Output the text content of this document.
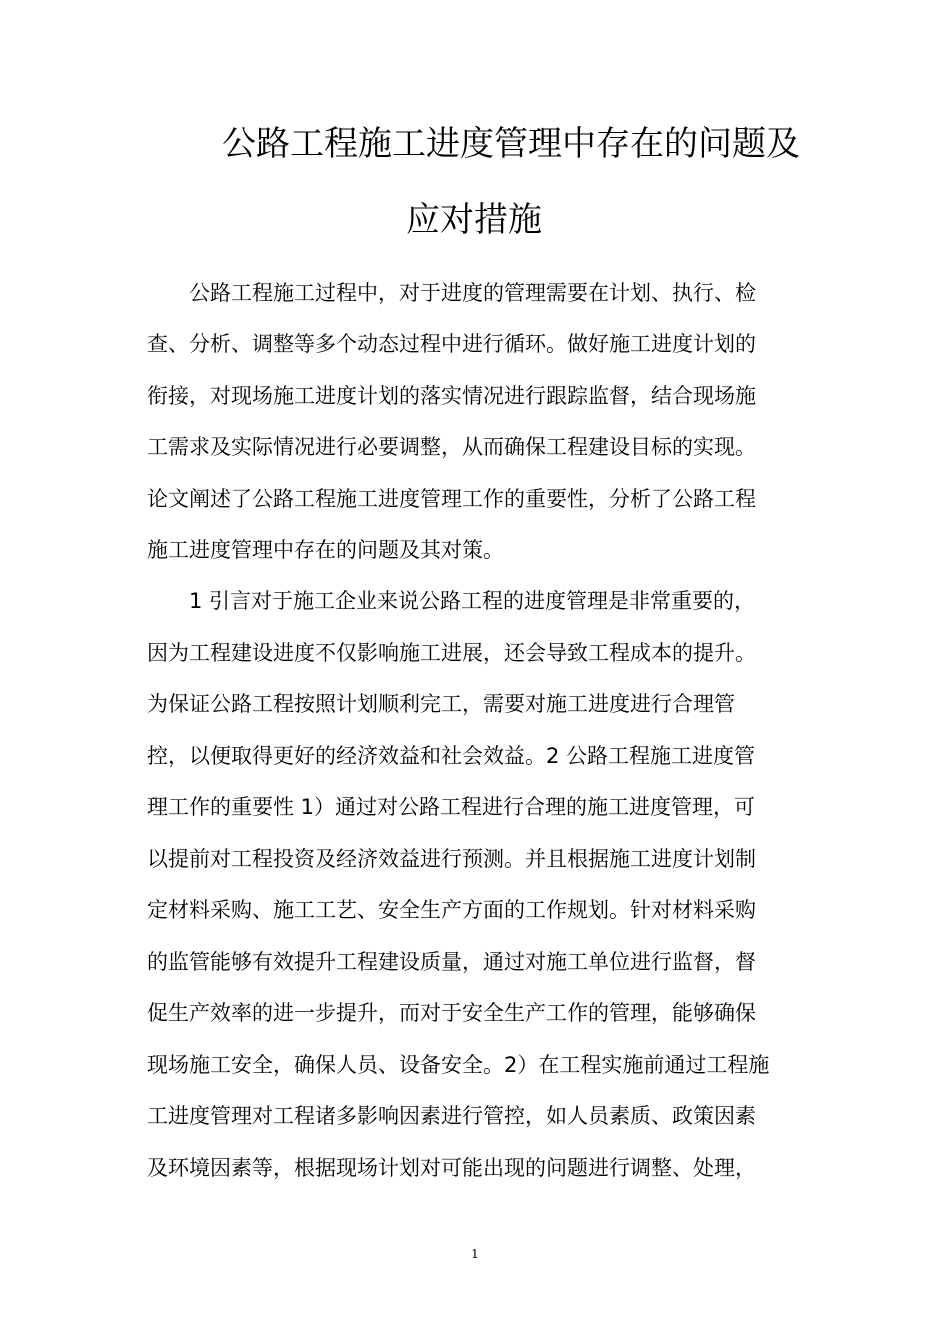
公路工程施工进度管理中存在的问题及
应对措施
公路工程施工过程中，对于进度的管理需要在计划、执行、检
查、分析、调整等多个动态过程中进行循环。做好施工进度计划的
衔接，对现场施工进度计划的落实情况进行跟踪监督，结合现场施
工需求及实际情况进行必要调整，从而确保工程建设目标的实现。
论文阐述了公路工程施工进度管理工作的重要性，分析了公路工程
施工进度管理中存在的问题及其对策。
1 引言对于施工企业来说公路工程的进度管理是非常重要的，
因为工程建设进度不仅影响施工进展，还会导致工程成本的提升。
为保证公路工程按照计划顺利完工，需要对施工进度进行合理管
控，以便取得更好的经济效益和社会效益。2 公路工程施工进度管
理工作的重要性 1）通过对公路工程进行合理的施工进度管理，可
以提前对工程投资及经济效益进行预测。并且根据施工进度计划制
定材料采购、施工工艺、安全生产方面的工作规划。针对材料采购
的监管能够有效提升工程建设质量，通过对施工单位进行监督，督
促生产效率的进一步提升，而对于安全生产工作的管理，能够确保
现场施工安全，确保人员、设备安全。2）在工程实施前通过工程施
工进度管理对工程诸多影响因素进行管控，如人员素质、政策因素
及环境因素等，根据现场计划对可能出现的问题进行调整、处理，
1
